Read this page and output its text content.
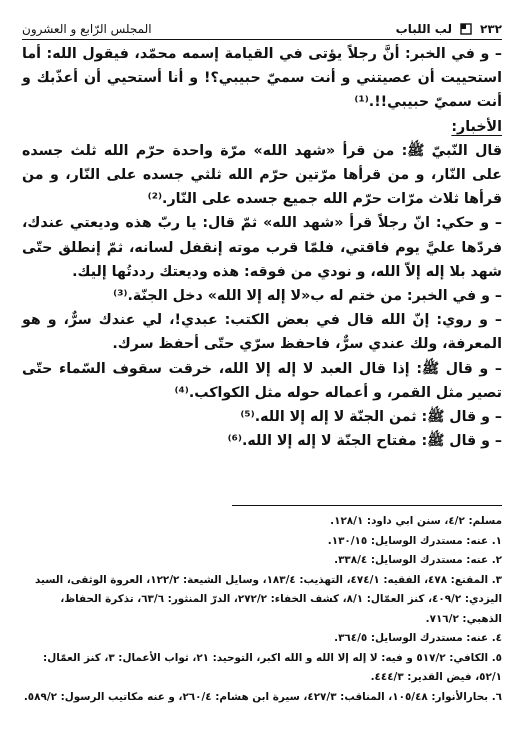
٢٣٢
لب اللباب
المجلس الرّابع و العشرون

– و في الخبر: أنَّ رجلاً يؤتى في القيامة إسمه محمّد، فيقول الله: أما استحييت أن عصيتني و أنت سميّ حبيبي؟! و أنا أستحيي أن أعذّبك و أنت سميّ حبيبي!!.⁽¹⁾

الأخبار:

قال النّبيّ ﷺ: من قرأ «شهد الله» مرّة واحدة حرّم الله ثلث جسده على النّار، و من قرأها مرّتين حرّم الله ثلثي جسده على النّار، و من قرأها ثلاث مرّات حرّم الله جميع جسده على النّار.⁽²⁾

– و حكي: انّ رجلاً قرأ «شهد الله» ثمّ قال: يا ربّ هذه وديعتي عندك، فردّها عليَّ يوم فاقتي، فلمّا قرب موته إنقفل لسانه، ثمّ إنطلق حتّى شهد بلا إله إلاّ الله، و نودي من فوقه: هذه وديعتك رددتُها إليك.

– و في الخبر: من ختم له ب«لا إله إلا الله» دخل الجنّة.⁽³⁾

– و روي: إنّ الله قال في بعض الكتب: عبدي!، لي عندك سرٌّ، و هو المعرفة، ولك عندي سرٌّ، فاحفظ سرّي حتّى أحفظ سرك.

– و قال ﷺ: إذا قال العبد لا إله إلا الله، خرقت سقوف السّماء حتّى تصير مثل القمر، و أعماله حوله مثل الكواكب.⁽⁴⁾

– و قال ﷺ: ثمن الجنّة لا إله إلا الله.⁽⁵⁾

– و قال ﷺ: مفتاح الجنّة لا إله إلا الله.⁽⁶⁾

مسلم: ٤/٢، سنن ابي داود: ١٢٨/١.

١. عنه: مستدرك الوسايل: ١٣٠/١٥.

٢. عنه: مستدرك الوسايل: ٣٣٨/٤.

٣. المقنع: ٤٧٨، الفقيه: ٤٧٤/١، التهذيب: ١٨٣/٤، وسايل الشيعة: ١٢٢/٢، العروة الوثقى، السيد اليزدي: ٤٠٩/٢، كنز العمّال: ٨/١، كشف الخفاء: ٢٧٢/٢، الدرّ المنثور: ٦٣/٦، تذكرة الحفاظ، الذهبي: ٧١٦/٢.

٤. عنه: مستدرك الوسايل: ٣٦٤/٥.

٥. الكافي: ٥١٧/٢ و فيه: لا إله إلا الله و الله اكبر، التوحيد: ٢١، ثواب الأعمال: ٣، كنز العمّال: ٥٢/١، فيض القدير: ٤٤٤/٣.

٦. بحارالأنوار: ١٠٥/٤٨، المناقب: ٤٢٧/٣، سيرة ابن هشام: ٢٦٠/٤، و عنه مكاتيب الرسول: ٥٨٩/٢.
